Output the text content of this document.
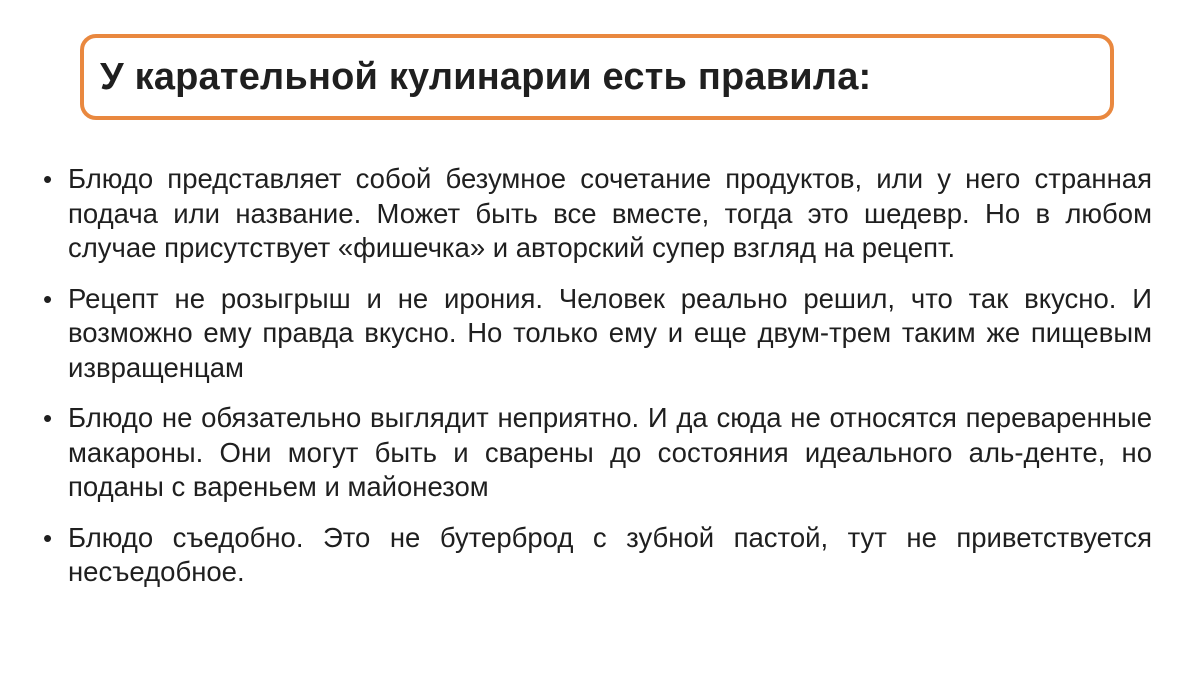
У карательной кулинарии есть правила:
• Блюдо представляет собой безумное сочетание продуктов, или у него странная подача или название. Может быть все вместе, тогда это шедевр. Но в любом случае присутствует «фишечка» и авторский супер взгляд на рецепт.
• Рецепт не розыгрыш и не ирония. Человек реально решил, что так вкусно. И возможно ему правда вкусно. Но только ему и еще двум-трем таким же пищевым извращенцам
• Блюдо не обязательно выглядит неприятно. И да сюда не относятся переваренные макароны. Они могут быть и сварены до состояния идеального аль-денте, но поданы с вареньем и майонезом
• Блюдо съедобно. Это не бутерброд с зубной пастой, тут не приветствуется несъедобное.
